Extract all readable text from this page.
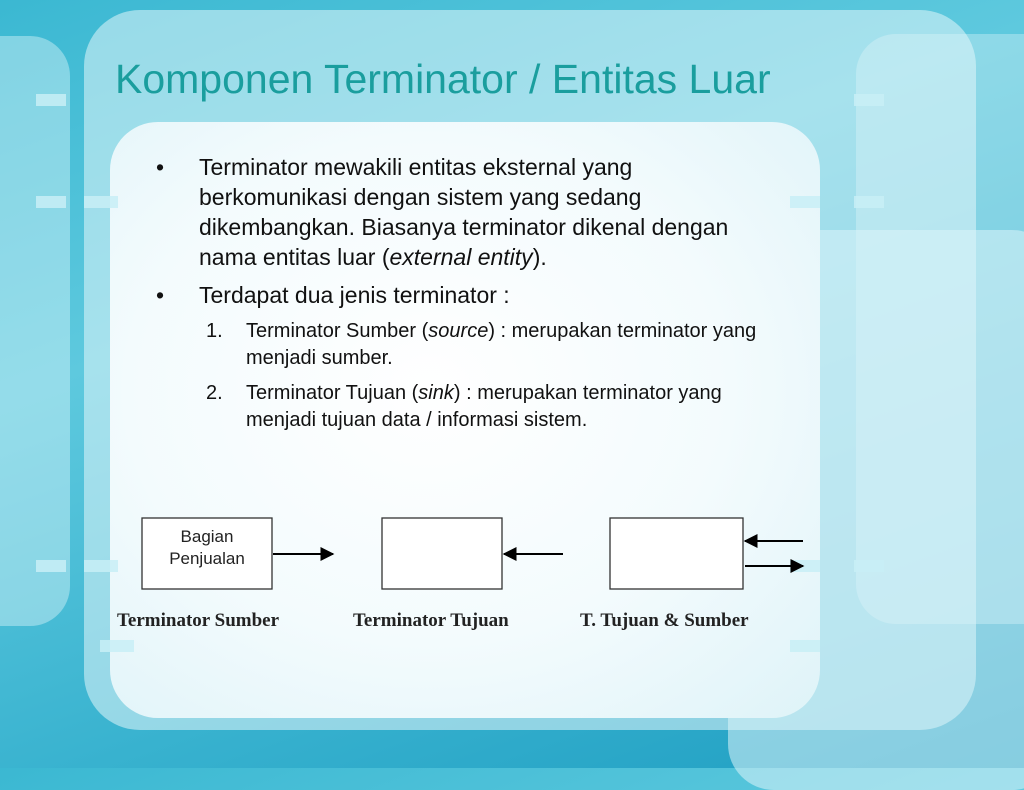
Komponen Terminator / Entitas Luar
•	Terminator mewakili entitas eksternal yang berkomunikasi dengan sistem yang sedang dikembangkan. Biasanya terminator dikenal dengan nama entitas luar (external entity).
•	Terdapat dua jenis terminator :
1.	Terminator Sumber (source) : merupakan terminator yang menjadi sumber.
2.	Terminator Tujuan (sink) : merupakan terminator yang menjadi tujuan data / informasi sistem.
Bagian
Penjualan
Terminator Sumber	Terminator Tujuan	T. Tujuan & Sumber
